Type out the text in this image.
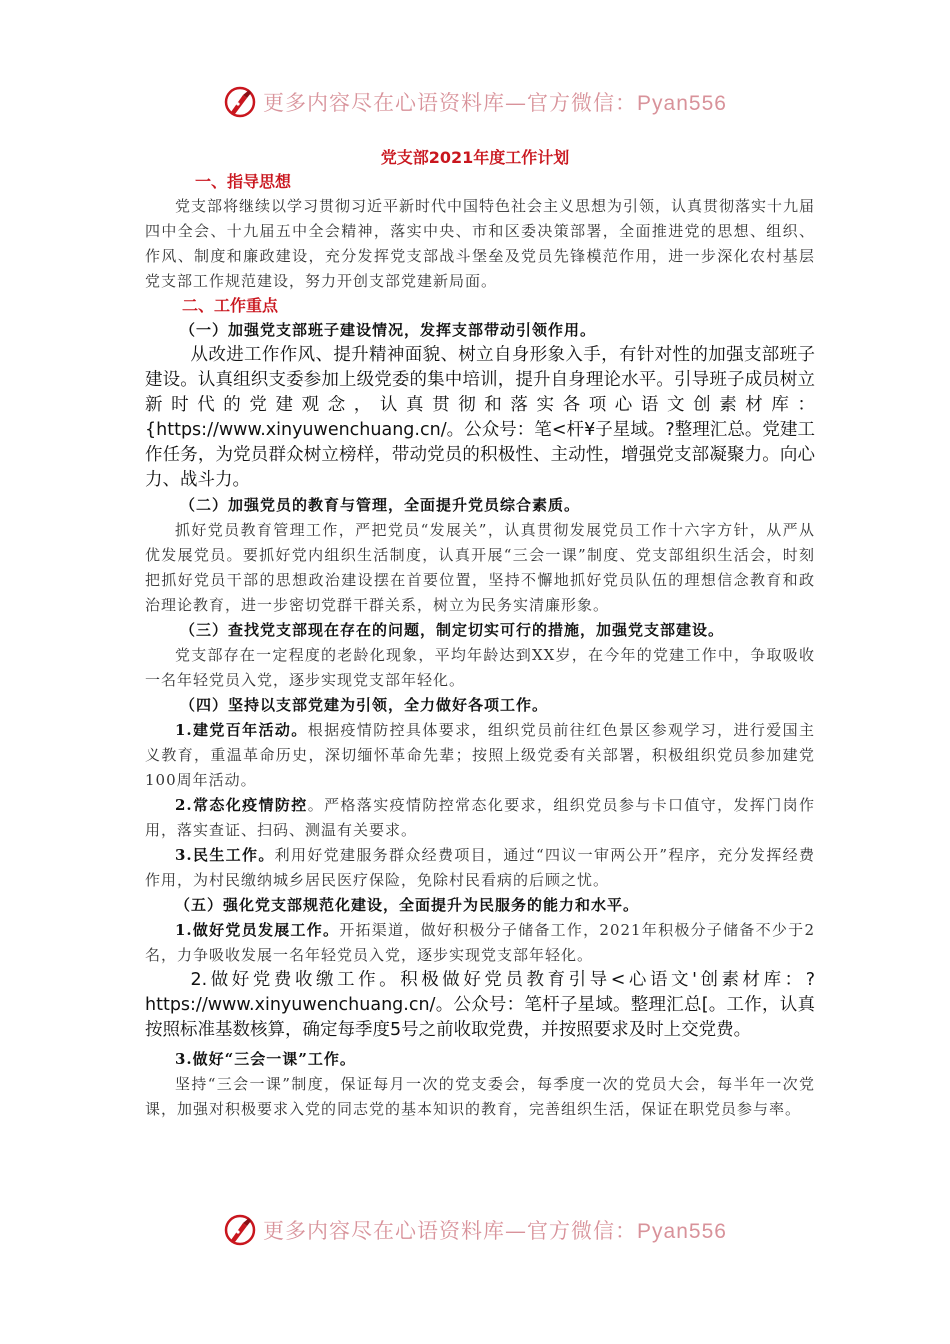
更多内容尽在心语资料库—官方微信：Pyan556
党支部2021年度工作计划

一、指导思想

党支部将继续以学习贯彻习近平新时代中国特色社会主义思想为引领，认真贯彻落实十九届四中全会、十九届五中全会精神，落实中央、市和区委决策部署，全面推进党的思想、组织、作风、制度和廉政建设，充分发挥党支部战斗堡垒及党员先锋模范作用，进一步深化农村基层党支部工作规范建设，努力开创支部党建新局面。

二、工作重点

（一）加强党支部班子建设情况，发挥支部带动引领作用。

从改进工作作风、提升精神面貌、树立自身形象入手，有针对性的加强支部班子建设。认真组织支委参加上级党委的集中培训，提升自身理论水平。引导班子成员树立新时代的党建观念，认真贯彻和落实各项心语文创素材库：{https://www.xinyuwenchuang.cn/。公众号：笔<杆¥子星域。?整理汇总。党建工作任务，为党员群众树立榜样，带动党员的积极性、主动性，增强党支部凝聚力。向心力、战斗力。

（二）加强党员的教育与管理，全面提升党员综合素质。

抓好党员教育管理工作，严把党员“发展关”，认真贯彻发展党员工作十六字方针，从严从优发展党员。要抓好党内组织生活制度，认真开展“三会一课”制度、党支部组织生活会，时刻把抓好党员干部的思想政治建设摆在首要位置，坚持不懈地抓好党员队伍的理想信念教育和政治理论教育，进一步密切党群干群关系，树立为民务实清廉形象。

（三）查找党支部现在存在的问题，制定切实可行的措施，加强党支部建设。

党支部存在一定程度的老龄化现象，平均年龄达到XX岁，在今年的党建工作中，争取吸收一名年轻党员入党，逐步实现党支部年轻化。

（四）坚持以支部党建为引领，全力做好各项工作。

1.建党百年活动。根据疫情防控具体要求，组织党员前往红色景区参观学习，进行爱国主义教育，重温革命历史，深切缅怀革命先辈；按照上级党委有关部署，积极组织党员参加建党100周年活动。

2.常态化疫情防控。严格落实疫情防控常态化要求，组织党员参与卡口值守，发挥门岗作用，落实查证、扫码、测温有关要求。

3.民生工作。利用好党建服务群众经费项目，通过“四议一审两公开”程序，充分发挥经费作用，为村民缴纳城乡居民医疗保险，免除村民看病的后顾之忧。

（五）强化党支部规范化建设，全面提升为民服务的能力和水平。

1.做好党员发展工作。开拓渠道，做好积极分子储备工作，2021年积极分子储备不少于2名，力争吸收发展一名年轻党员入党，逐步实现党支部年轻化。

2.做好党费收缴工作。积极做好党员教育引导<心语文'创素材库：?https://www.xinyuwenchuang.cn/。公众号：笔杆子星域。整理汇总[。工作，认真按照标准基数核算，确定每季度5号之前收取党费，并按照要求及时上交党费。

3.做好“三会一课”工作。

坚持“三会一课”制度，保证每月一次的党支委会，每季度一次的党员大会，每半年一次党课，加强对积极要求入党的同志党的基本知识的教育，完善组织生活，保证在职党员参与率。

更多内容尽在心语资料库—官方微信：Pyan556
